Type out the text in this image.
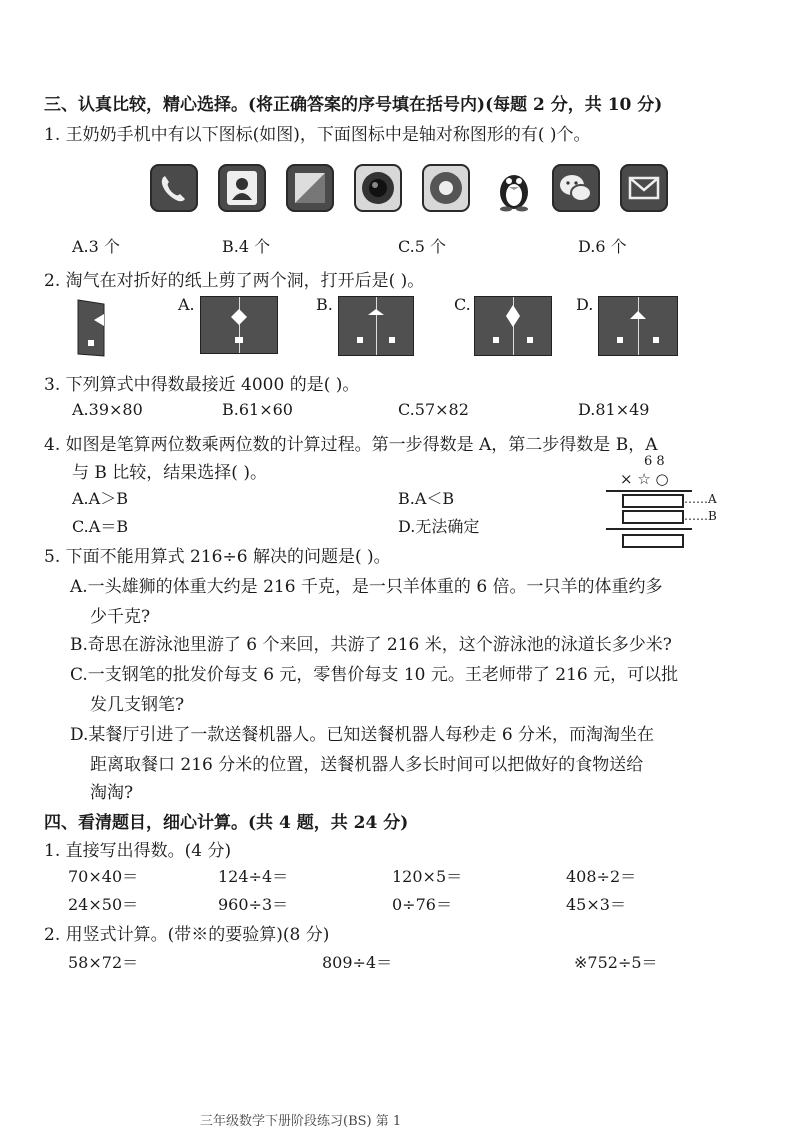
三、认真比较，精心选择。(将正确答案的序号填在括号内)(每题 2 分，共 10 分)
1. 王奶奶手机中有以下图标(如图)，下面图标中是轴对称图形的有( )个。
A.3 个	B.4 个	C.5 个	D.6 个
2. 淘气在对折好的纸上剪了两个洞，打开后是( )。
A.	B.	C.	D.
3. 下列算式中得数最接近 4000 的是( )。
A.39×80	B.61×60	C.57×82	D.81×49
4. 如图是笔算两位数乘两位数的计算过程。第一步得数是 A，第二步得数是 B，A
与 B 比较，结果选择( )。
A.A＞B	B.A＜B
C.A＝B	D.无法确定
6 8
× ☆ ○
……A
……B
5. 下面不能用算式 216÷6 解决的问题是( )。
A.一头雄狮的体重大约是 216 千克，是一只羊体重的 6 倍。一只羊的体重约多
少千克?
B.奇思在游泳池里游了 6 个来回，共游了 216 米，这个游泳池的泳道长多少米?
C.一支钢笔的批发价每支 6 元，零售价每支 10 元。王老师带了 216 元，可以批
发几支钢笔?
D.某餐厅引进了一款送餐机器人。已知送餐机器人每秒走 6 分米，而淘淘坐在
距离取餐口 216 分米的位置，送餐机器人多长时间可以把做好的食物送给
淘淘?
四、看清题目，细心计算。(共 4 题，共 24 分)
1. 直接写出得数。(4 分)
70×40＝	124÷4＝	120×5＝	408÷2＝
24×50＝	960÷3＝	0÷76＝	45×3＝
2. 用竖式计算。(带※的要验算)(8 分)
58×72＝	809÷4＝	※752÷5＝
三年级数学下册阶段练习(BS) 第 1
